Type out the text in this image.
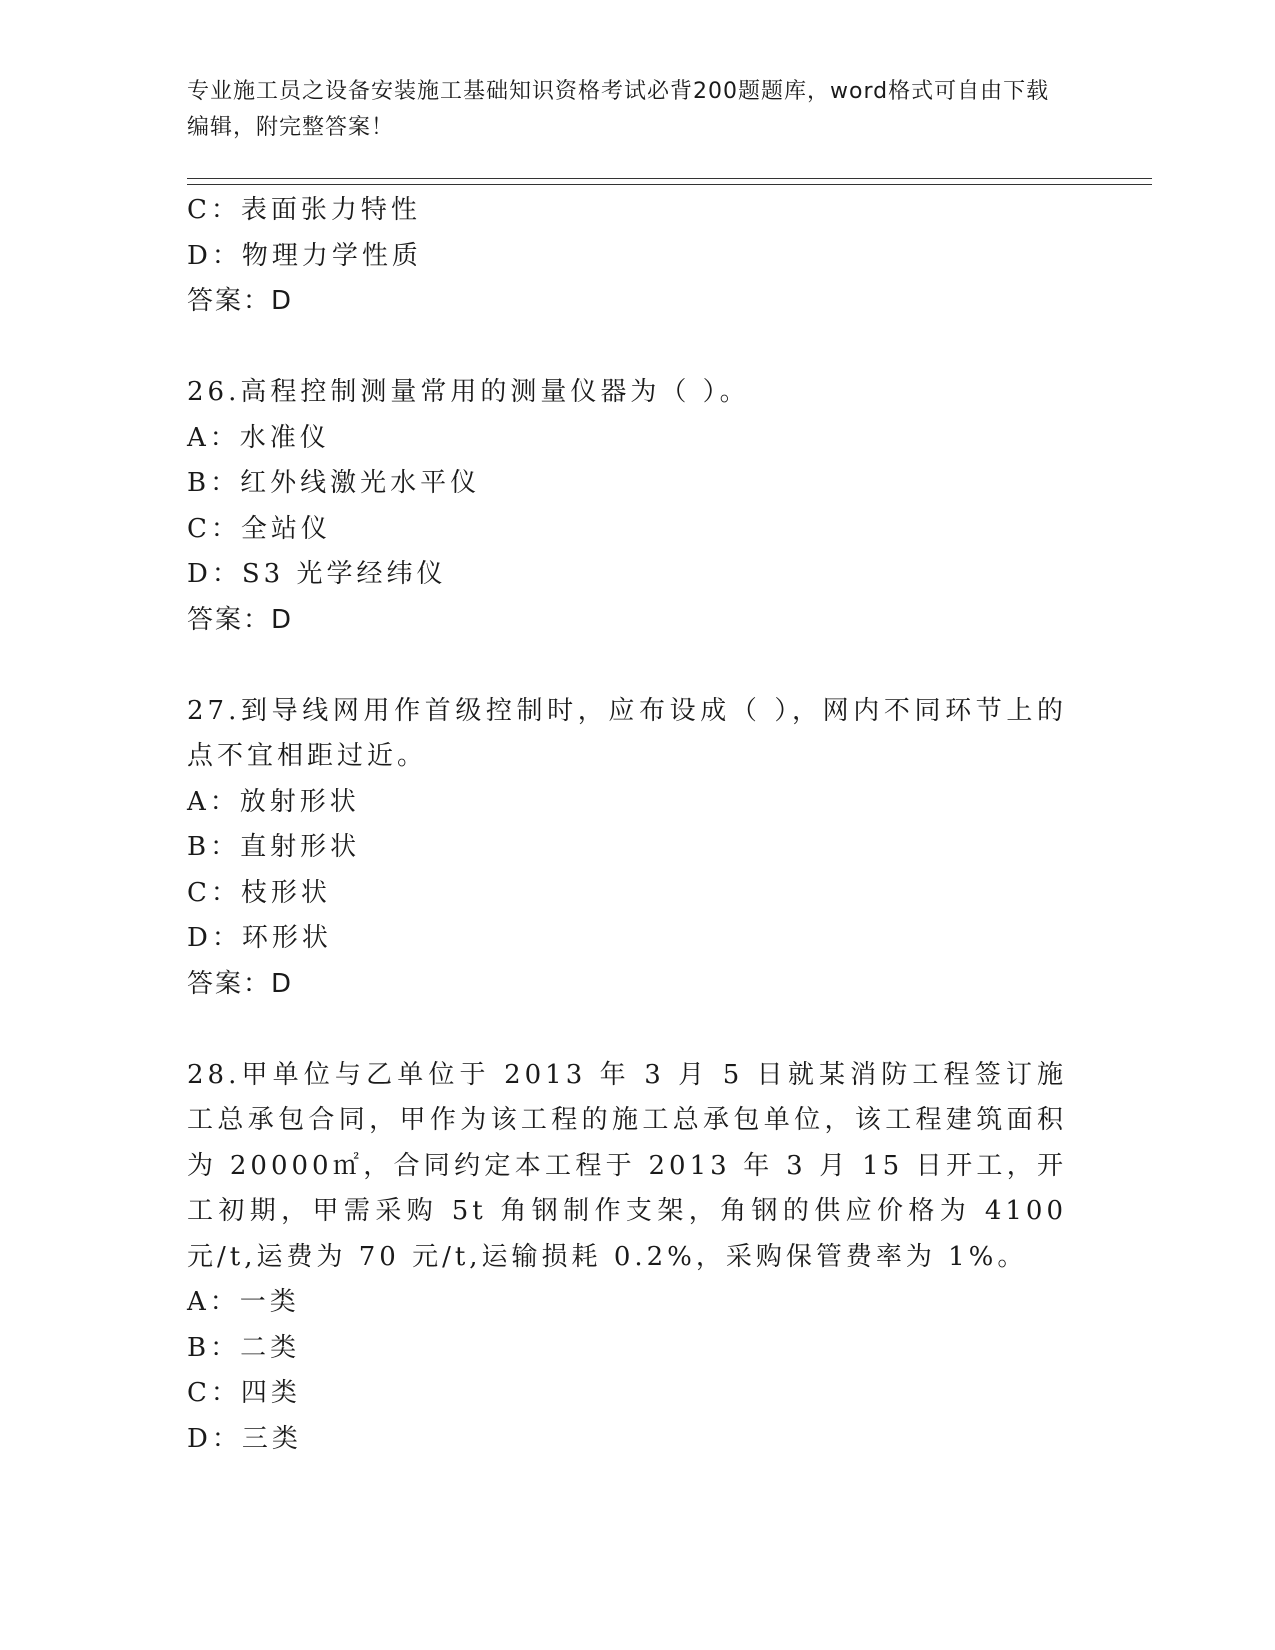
专业施工员之设备安装施工基础知识资格考试必背200题题库，word格式可自由下载编辑，附完整答案！

C：表面张力特性

D：物理力学性质

答案：D

26.高程控制测量常用的测量仪器为（ ）。

A：水准仪

B：红外线激光水平仪

C：全站仪

D：S3 光学经纬仪

答案：D

27.到导线网用作首级控制时，应布设成（ ），网内不同环节上的点不宜相距过近。

A：放射形状

B：直射形状

C：枝形状

D：环形状

答案：D

28.甲单位与乙单位于 2013 年 3 月 5 日就某消防工程签订施工总承包合同，甲作为该工程的施工总承包单位，该工程建筑面积为 20000㎡，合同约定本工程于 2013 年 3 月 15 日开工，开工初期，甲需采购 5t 角钢制作支架，角钢的供应价格为 4100 元/t,运费为 70 元/t,运输损耗 0.2%，采购保管费率为 1%。

A：一类

B：二类

C：四类

D：三类
